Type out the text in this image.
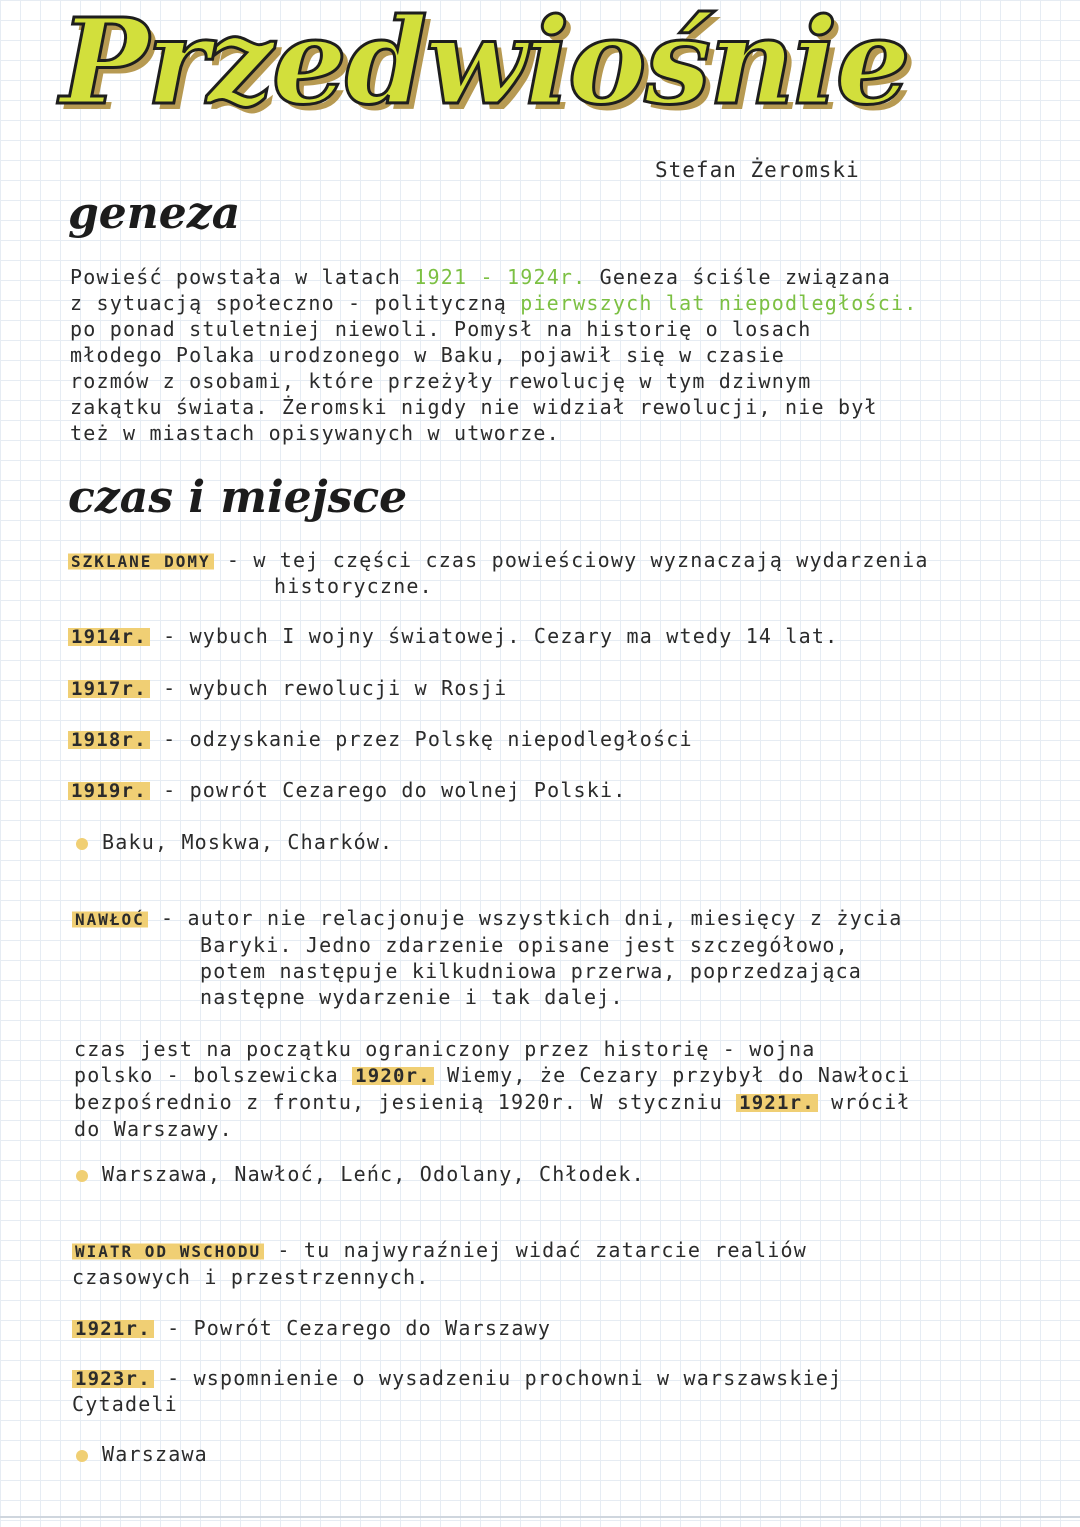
Przedwiośnie
Stefan Żeromski
geneza
Powieść powstała w latach 1921 - 1924r. Geneza ściśle związana
z sytuacją społeczno - polityczną pierwszych lat niepodległości.
po ponad stuletniej niewoli. Pomysł na historię o losach
młodego Polaka urodzonego w Baku, pojawił się w czasie
rozmów z osobami, które przeżyły rewolucję w tym dziwnym
zakątku świata. Żeromski nigdy nie widział rewolucji, nie był
też w miastach opisywanych w utworze.
czas i miejsce
SZKLANE DOMY - w tej części czas powieściowy wyznaczają wydarzenia
historyczne.
1914r. - wybuch I wojny światowej. Cezary ma wtedy 14 lat.
1917r. - wybuch rewolucji w Rosji
1918r. - odzyskanie przez Polskę niepodległości
1919r. - powrót Cezarego do wolnej Polski.
Baku, Moskwa, Charków.
NAWŁOĆ - autor nie relacjonuje wszystkich dni, miesięcy z życia
Baryki. Jedno zdarzenie opisane jest szczegółowo,
potem następuje kilkudniowa przerwa, poprzedzająca
następne wydarzenie i tak dalej.
czas jest na początku ograniczony przez historię - wojna
polsko - bolszewicka 1920r. Wiemy, że Cezary przybył do Nawłoci
bezpośrednio z frontu, jesienią 1920r. W styczniu 1921r. wrócił
do Warszawy.
Warszawa, Nawłoć, Leńc, Odolany, Chłodek.
WIATR OD WSCHODU - tu najwyraźniej widać zatarcie realiów
czasowych i przestrzennych.
1921r. - Powrót Cezarego do Warszawy
1923r. - wspomnienie o wysadzeniu prochowni w warszawskiej
Cytadeli
Warszawa
